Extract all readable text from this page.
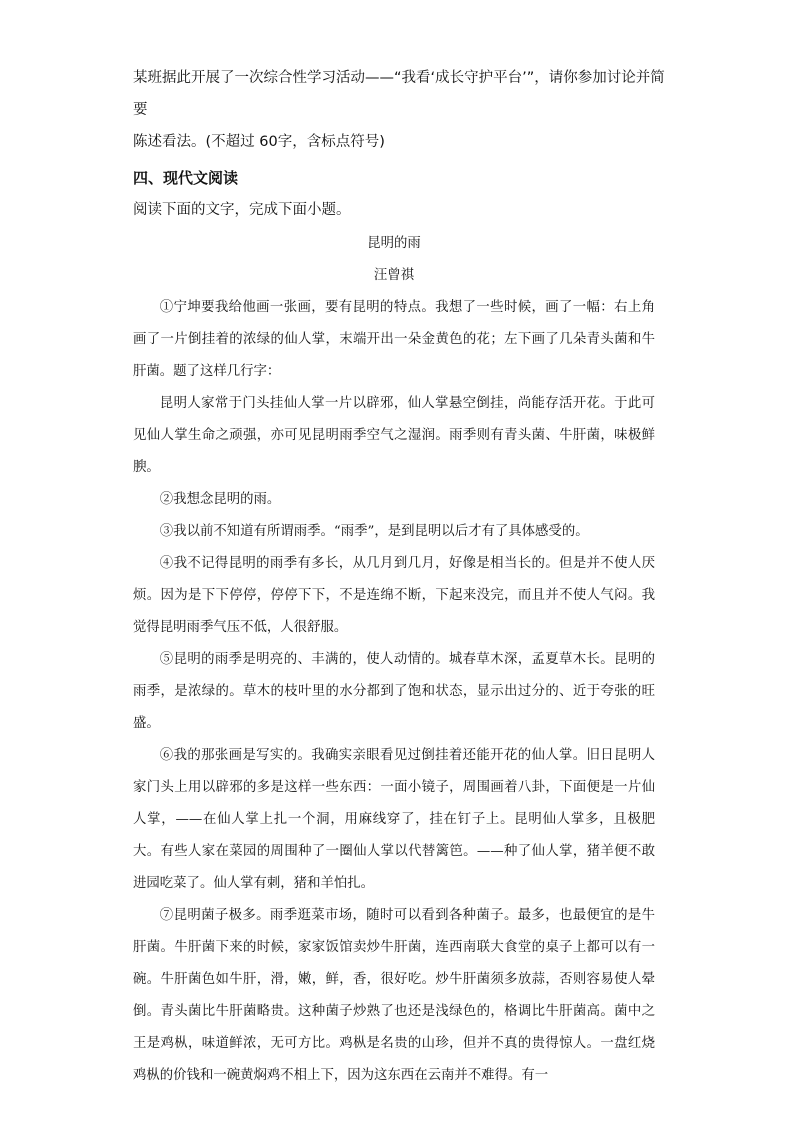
某班据此开展了一次综合性学习活动——“我看‘成长守护平台’”，请你参加讨论并简要

陈述看法。(不超过 60字，含标点符号)

四、现代文阅读
阅读下面的文字，完成下面小题。

昆明的雨

汪曾祺

①宁坤要我给他画一张画，要有昆明的特点。我想了一些时候，画了一幅：右上角画了一片倒挂着的浓绿的仙人掌，末端开出一朵金黄色的花；左下画了几朵青头菌和牛肝菌。题了这样几行字：

昆明人家常于门头挂仙人掌一片以辟邪，仙人掌悬空倒挂，尚能存活开花。于此可见仙人掌生命之顽强，亦可见昆明雨季空气之湿润。雨季则有青头菌、牛肝菌，味极鲜腴。

②我想念昆明的雨。

③我以前不知道有所谓雨季。“雨季”，是到昆明以后才有了具体感受的。

④我不记得昆明的雨季有多长，从几月到几月，好像是相当长的。但是并不使人厌烦。因为是下下停停，停停下下，不是连绵不断，下起来没完，而且并不使人气闷。我觉得昆明雨季气压不低，人很舒服。

⑤昆明的雨季是明亮的、丰满的，使人动情的。城春草木深，孟夏草木长。昆明的雨季，是浓绿的。草木的枝叶里的水分都到了饱和状态，显示出过分的、近于夸张的旺盛。

⑥我的那张画是写实的。我确实亲眼看见过倒挂着还能开花的仙人掌。旧日昆明人家门头上用以辟邪的多是这样一些东西：一面小镜子，周围画着八卦，下面便是一片仙人掌，——在仙人掌上扎一个洞，用麻线穿了，挂在钉子上。昆明仙人掌多，且极肥大。有些人家在菜园的周围种了一圈仙人掌以代替篱笆。——种了仙人掌，猪羊便不敢进园吃菜了。仙人掌有刺，猪和羊怕扎。

⑦昆明菌子极多。雨季逛菜市场，随时可以看到各种菌子。最多，也最便宜的是牛肝菌。牛肝菌下来的时候，家家饭馆卖炒牛肝菌，连西南联大食堂的桌子上都可以有一碗。牛肝菌色如牛肝，滑，嫩，鲜，香，很好吃。炒牛肝菌须多放蒜，否则容易使人晕倒。青头菌比牛肝菌略贵。这种菌子炒熟了也还是浅绿色的，格调比牛肝菌高。菌中之王是鸡枞，味道鲜浓，无可方比。鸡枞是名贵的山珍，但并不真的贵得惊人。一盘红烧鸡枞的价钱和一碗黄焖鸡不相上下，因为这东西在云南并不难得。有一
